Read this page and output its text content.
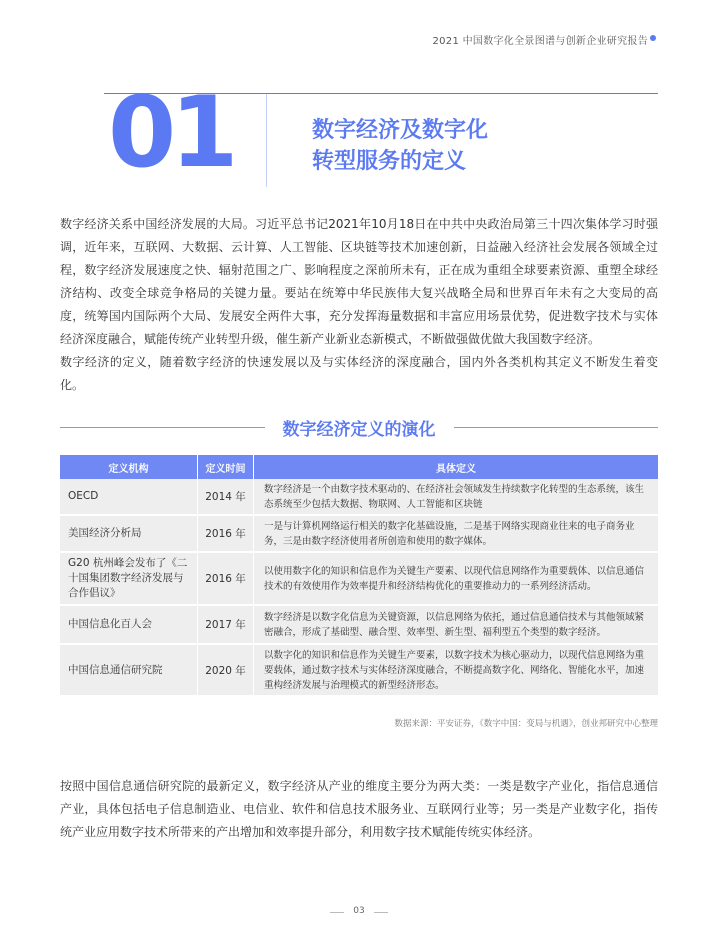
2021 中国数字化全景图谱与创新企业研究报告
01	数字经济及数字化
转型服务的定义

数字经济关系中国经济发展的大局。习近平总书记2021年10月18日在中共中央政治局第三十四次集体学习时强调，近年来，互联网、大数据、云计算、人工智能、区块链等技术加速创新，日益融入经济社会发展各领域全过程，数字经济发展速度之快、辐射范围之广、影响程度之深前所未有，正在成为重组全球要素资源、重塑全球经济结构、改变全球竞争格局的关键力量。要站在统筹中华民族伟大复兴战略全局和世界百年未有之大变局的高度，统筹国内国际两个大局、发展安全两件大事，充分发挥海量数据和丰富应用场景优势，促进数字技术与实体经济深度融合，赋能传统产业转型升级，催生新产业新业态新模式，不断做强做优做大我国数字经济。

数字经济的定义，随着数字经济的快速发展以及与实体经济的深度融合，国内外各类机构其定义不断发生着变化。

数字经济定义的演化
定义机构	定义时间	具体定义
OECD	2014 年	数字经济是一个由数字技术驱动的、在经济社会领域发生持续数字化转型的生态系统，该生态系统至少包括大数据、物联网、人工智能和区块链
美国经济分析局	2016 年	一是与计算机网络运行相关的数字化基础设施，二是基于网络实现商业往来的电子商务业务，三是由数字经济使用者所创造和使用的数字媒体。
G20 杭州峰会发布了《二十国集团数字经济发展与合作倡议》	2016 年	以使用数字化的知识和信息作为关键生产要素、以现代信息网络作为重要载体、以信息通信技术的有效使用作为效率提升和经济结构优化的重要推动力的一系列经济活动。
中国信息化百人会	2017 年	数字经济是以数字化信息为关键资源，以信息网络为依托，通过信息通信技术与其他领域紧密融合，形成了基础型、融合型、效率型、新生型、福利型五个类型的数字经济。
中国信息通信研究院	2020 年	以数字化的知识和信息作为关键生产要素，以数字技术为核心驱动力，以现代信息网络为重要载体，通过数字技术与实体经济深度融合，不断提高数字化、网络化、智能化水平，加速重构经济发展与治理模式的新型经济形态。
数据来源：平安证券，《数字中国：变局与机遇》，创业邦研究中心整理

按照中国信息通信研究院的最新定义，数字经济从产业的维度主要分为两大类：一类是数字产业化，指信息通信产业，具体包括电子信息制造业、电信业、软件和信息技术服务业、互联网行业等；另一类是产业数字化，指传统产业应用数字技术所带来的产出增加和效率提升部分，利用数字技术赋能传统实体经济。

03
